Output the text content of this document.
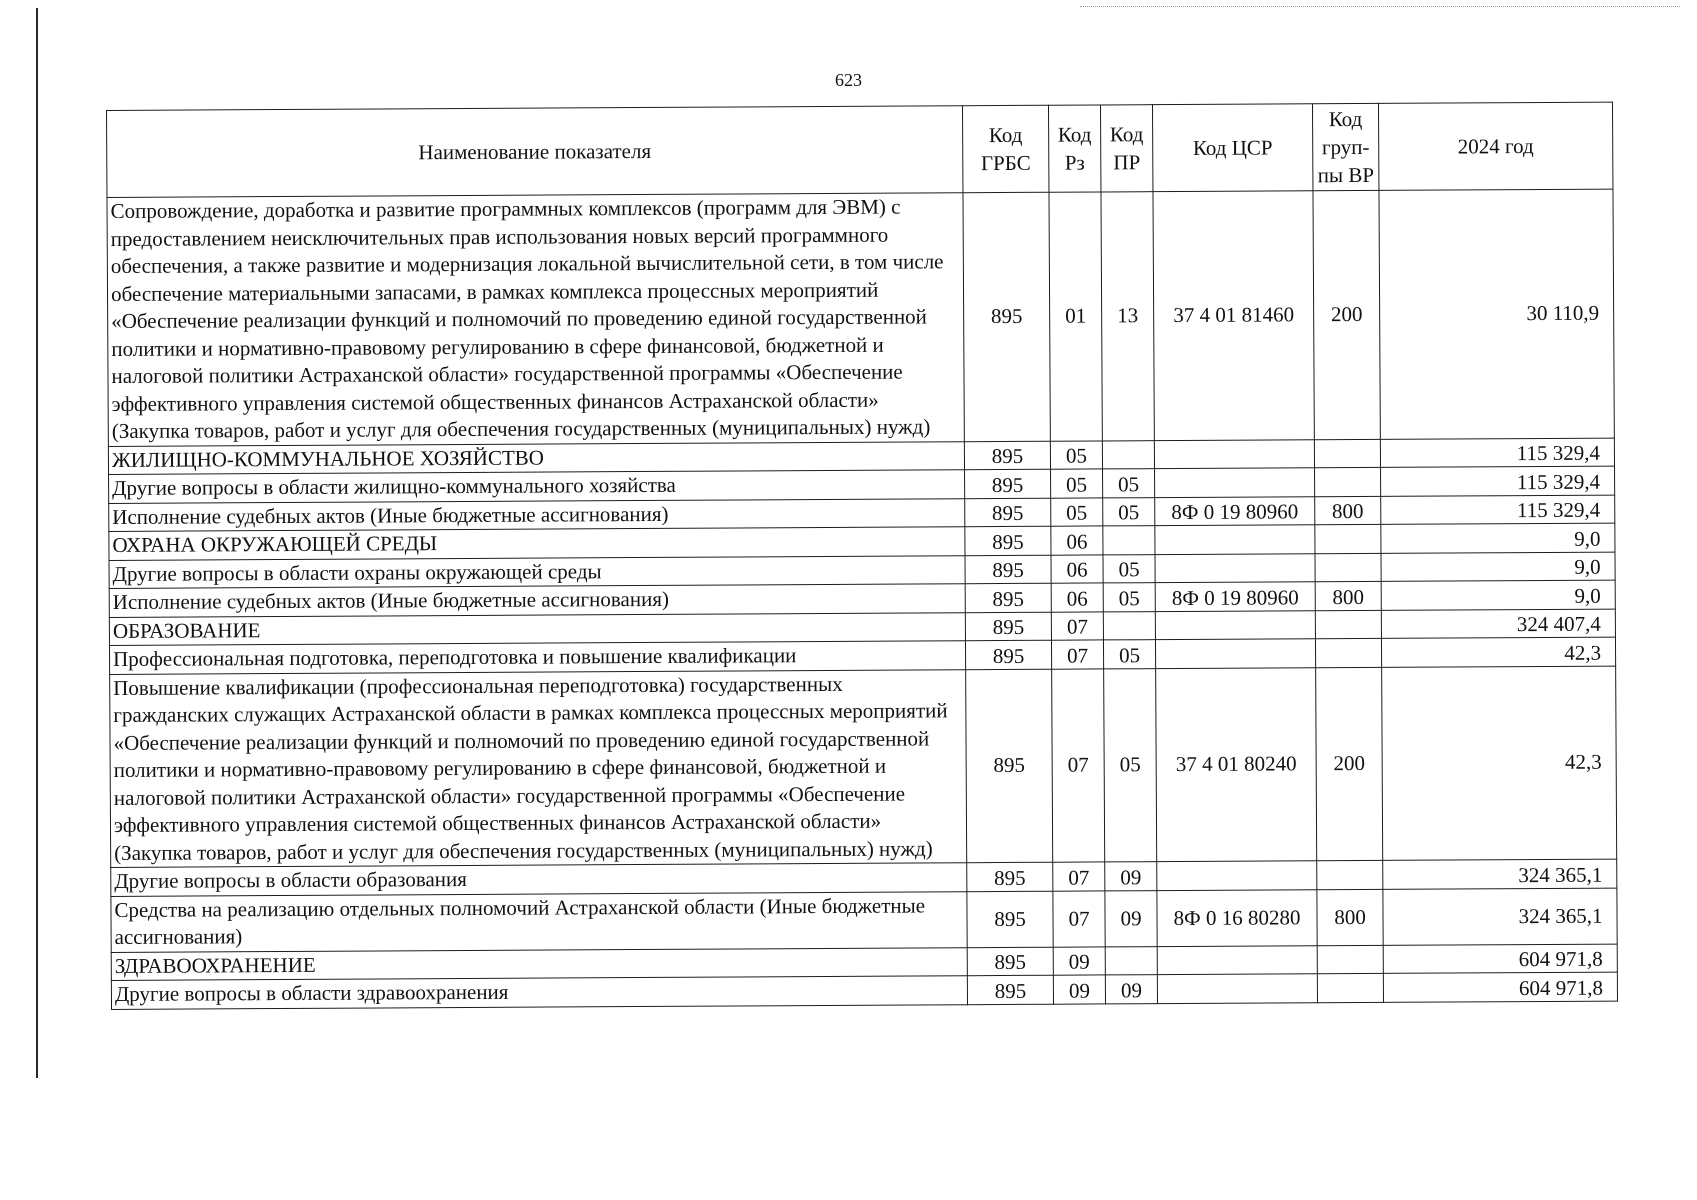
623
Наименование показателя	Код ГРБС	Код Рз	Код ПР	Код ЦСР	Код груп-пы ВР	2024 год
Сопровождение, доработка и развитие программных комплексов (программ для ЭВМ) с предоставлением неисключительных прав использования новых версий программного обеспечения, а также развитие и модернизация локальной вычислительной сети, в том числе обеспечение материальными запасами, в рамках комплекса процессных мероприятий «Обеспечение реализации функций и полномочий по проведению единой государственной политики и нормативно-правовому регулированию в сфере финансовой, бюджетной и налоговой политики Астраханской области» государственной программы «Обеспечение эффективного управления системой общественных финансов Астраханской области» (Закупка товаров, работ и услуг для обеспечения государственных (муниципальных) нужд)	895	01	13	37 4 01 81460	200	30 110,9
ЖИЛИЩНО-КОММУНАЛЬНОЕ ХОЗЯЙСТВО	895	05				115 329,4
Другие вопросы в области жилищно-коммунального хозяйства	895	05	05			115 329,4
Исполнение судебных актов (Иные бюджетные ассигнования)	895	05	05	8Ф 0 19 80960	800	115 329,4
ОХРАНА ОКРУЖАЮЩЕЙ СРЕДЫ	895	06				9,0
Другие вопросы в области охраны окружающей среды	895	06	05			9,0
Исполнение судебных актов (Иные бюджетные ассигнования)	895	06	05	8Ф 0 19 80960	800	9,0
ОБРАЗОВАНИЕ	895	07				324 407,4
Профессиональная подготовка, переподготовка и повышение квалификации	895	07	05			42,3
Повышение квалификации (профессиональная переподготовка) государственных гражданских служащих Астраханской области в рамках комплекса процессных мероприятий «Обеспечение реализации функций и полномочий по проведению единой государственной политики и нормативно-правовому регулированию в сфере финансовой, бюджетной и налоговой политики Астраханской области» государственной программы «Обеспечение эффективного управления системой общественных финансов Астраханской области» (Закупка товаров, работ и услуг для обеспечения государственных (муниципальных) нужд)	895	07	05	37 4 01 80240	200	42,3
Другие вопросы в области образования	895	07	09			324 365,1
Средства на реализацию отдельных полномочий Астраханской области (Иные бюджетные ассигнования)	895	07	09	8Ф 0 16 80280	800	324 365,1
ЗДРАВООХРАНЕНИЕ	895	09				604 971,8
Другие вопросы в области здравоохранения	895	09	09			604 971,8
